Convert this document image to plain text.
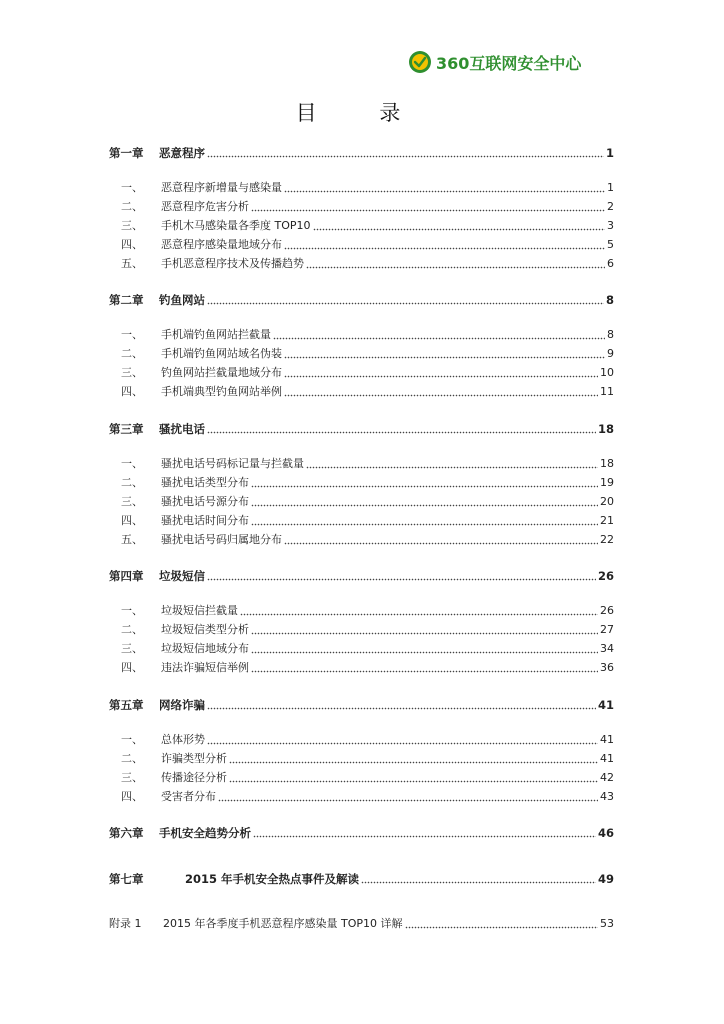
360互联网安全中心
目 录
第一章	恶意程序	1
一、	恶意程序新增量与感染量	1
二、	恶意程序危害分析	2
三、	手机木马感染量各季度 TOP10	3
四、	恶意程序感染量地域分布	5
五、	手机恶意程序技术及传播趋势	6
第二章	钓鱼网站	8
一、	手机端钓鱼网站拦截量	8
二、	手机端钓鱼网站域名伪装	9
三、	钓鱼网站拦截量地域分布	10
四、	手机端典型钓鱼网站举例	11
第三章	骚扰电话	18
一、	骚扰电话号码标记量与拦截量	18
二、	骚扰电话类型分布	19
三、	骚扰电话号源分布	20
四、	骚扰电话时间分布	21
五、	骚扰电话号码归属地分布	22
第四章	垃圾短信	26
一、	垃圾短信拦截量	26
二、	垃圾短信类型分析	27
三、	垃圾短信地域分布	34
四、	违法诈骗短信举例	36
第五章	网络诈骗	41
一、	总体形势	41
二、	诈骗类型分析	41
三、	传播途径分析	42
四、	受害者分布	43
第六章	手机安全趋势分析	46
第七章	2015 年手机安全热点事件及解读	49
附录 1	2015 年各季度手机恶意程序感染量 TOP10 详解	53
